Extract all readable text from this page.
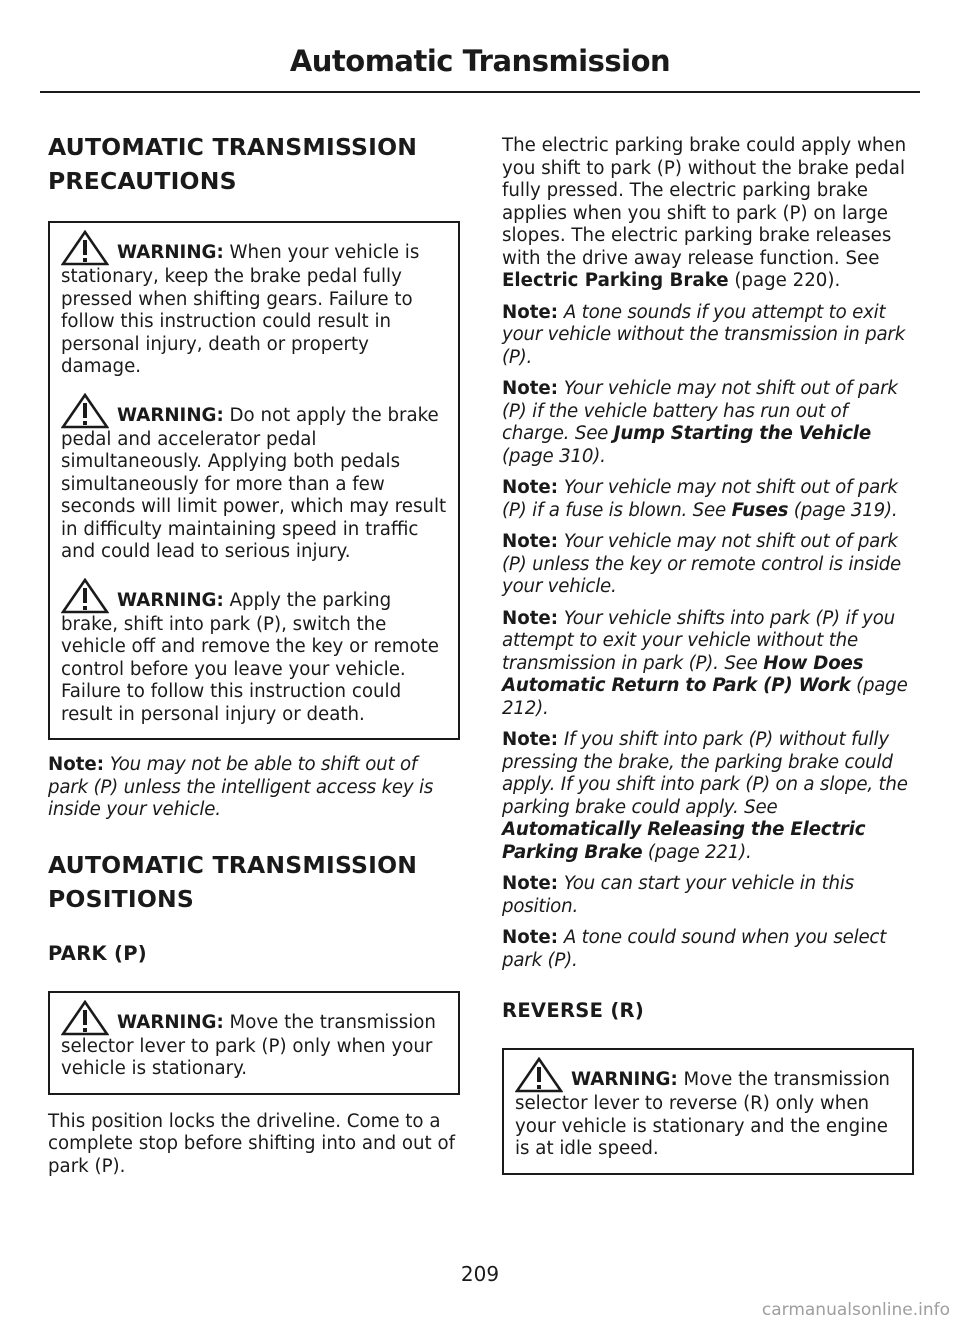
Automatic Transmission
AUTOMATIC TRANSMISSION
PRECAUTIONS

WARNING: When your vehicle is stationary, keep the brake pedal fully pressed when shifting gears. Failure to follow this instruction could result in personal injury, death or property damage.

WARNING: Do not apply the brake pedal and accelerator pedal simultaneously. Applying both pedals simultaneously for more than a few seconds will limit power, which may result in difficulty maintaining speed in traffic and could lead to serious injury.

WARNING: Apply the parking brake, shift into park (P), switch the vehicle off and remove the key or remote control before you leave your vehicle. Failure to follow this instruction could result in personal injury or death.

Note: You may not be able to shift out of park (P) unless the intelligent access key is inside your vehicle.

AUTOMATIC TRANSMISSION
POSITIONS
PARK (P)

WARNING: Move the transmission selector lever to park (P) only when your vehicle is stationary.

This position locks the driveline. Come to a complete stop before shifting into and out of park (P).

The electric parking brake could apply when you shift to park (P) without the brake pedal fully pressed. The electric parking brake applies when you shift to park (P) on large slopes. The electric parking brake releases with the drive away release function. See Electric Parking Brake (page 220).

Note: A tone sounds if you attempt to exit your vehicle without the transmission in park (P).

Note: Your vehicle may not shift out of park (P) if the vehicle battery has run out of charge. See Jump Starting the Vehicle (page 310).

Note: Your vehicle may not shift out of park (P) if a fuse is blown. See Fuses (page 319).

Note: Your vehicle may not shift out of park (P) unless the key or remote control is inside your vehicle.

Note: Your vehicle shifts into park (P) if you attempt to exit your vehicle without the transmission in park (P). See How Does Automatic Return to Park (P) Work (page 212).

Note: If you shift into park (P) without fully pressing the brake, the parking brake could apply. If you shift into park (P) on a slope, the parking brake could apply. See Automatically Releasing the Electric Parking Brake (page 221).

Note: You can start your vehicle in this position.

Note: A tone could sound when you select park (P).

REVERSE (R)

WARNING: Move the transmission selector lever to reverse (R) only when your vehicle is stationary and the engine is at idle speed.

209
carmanualsonline.info
